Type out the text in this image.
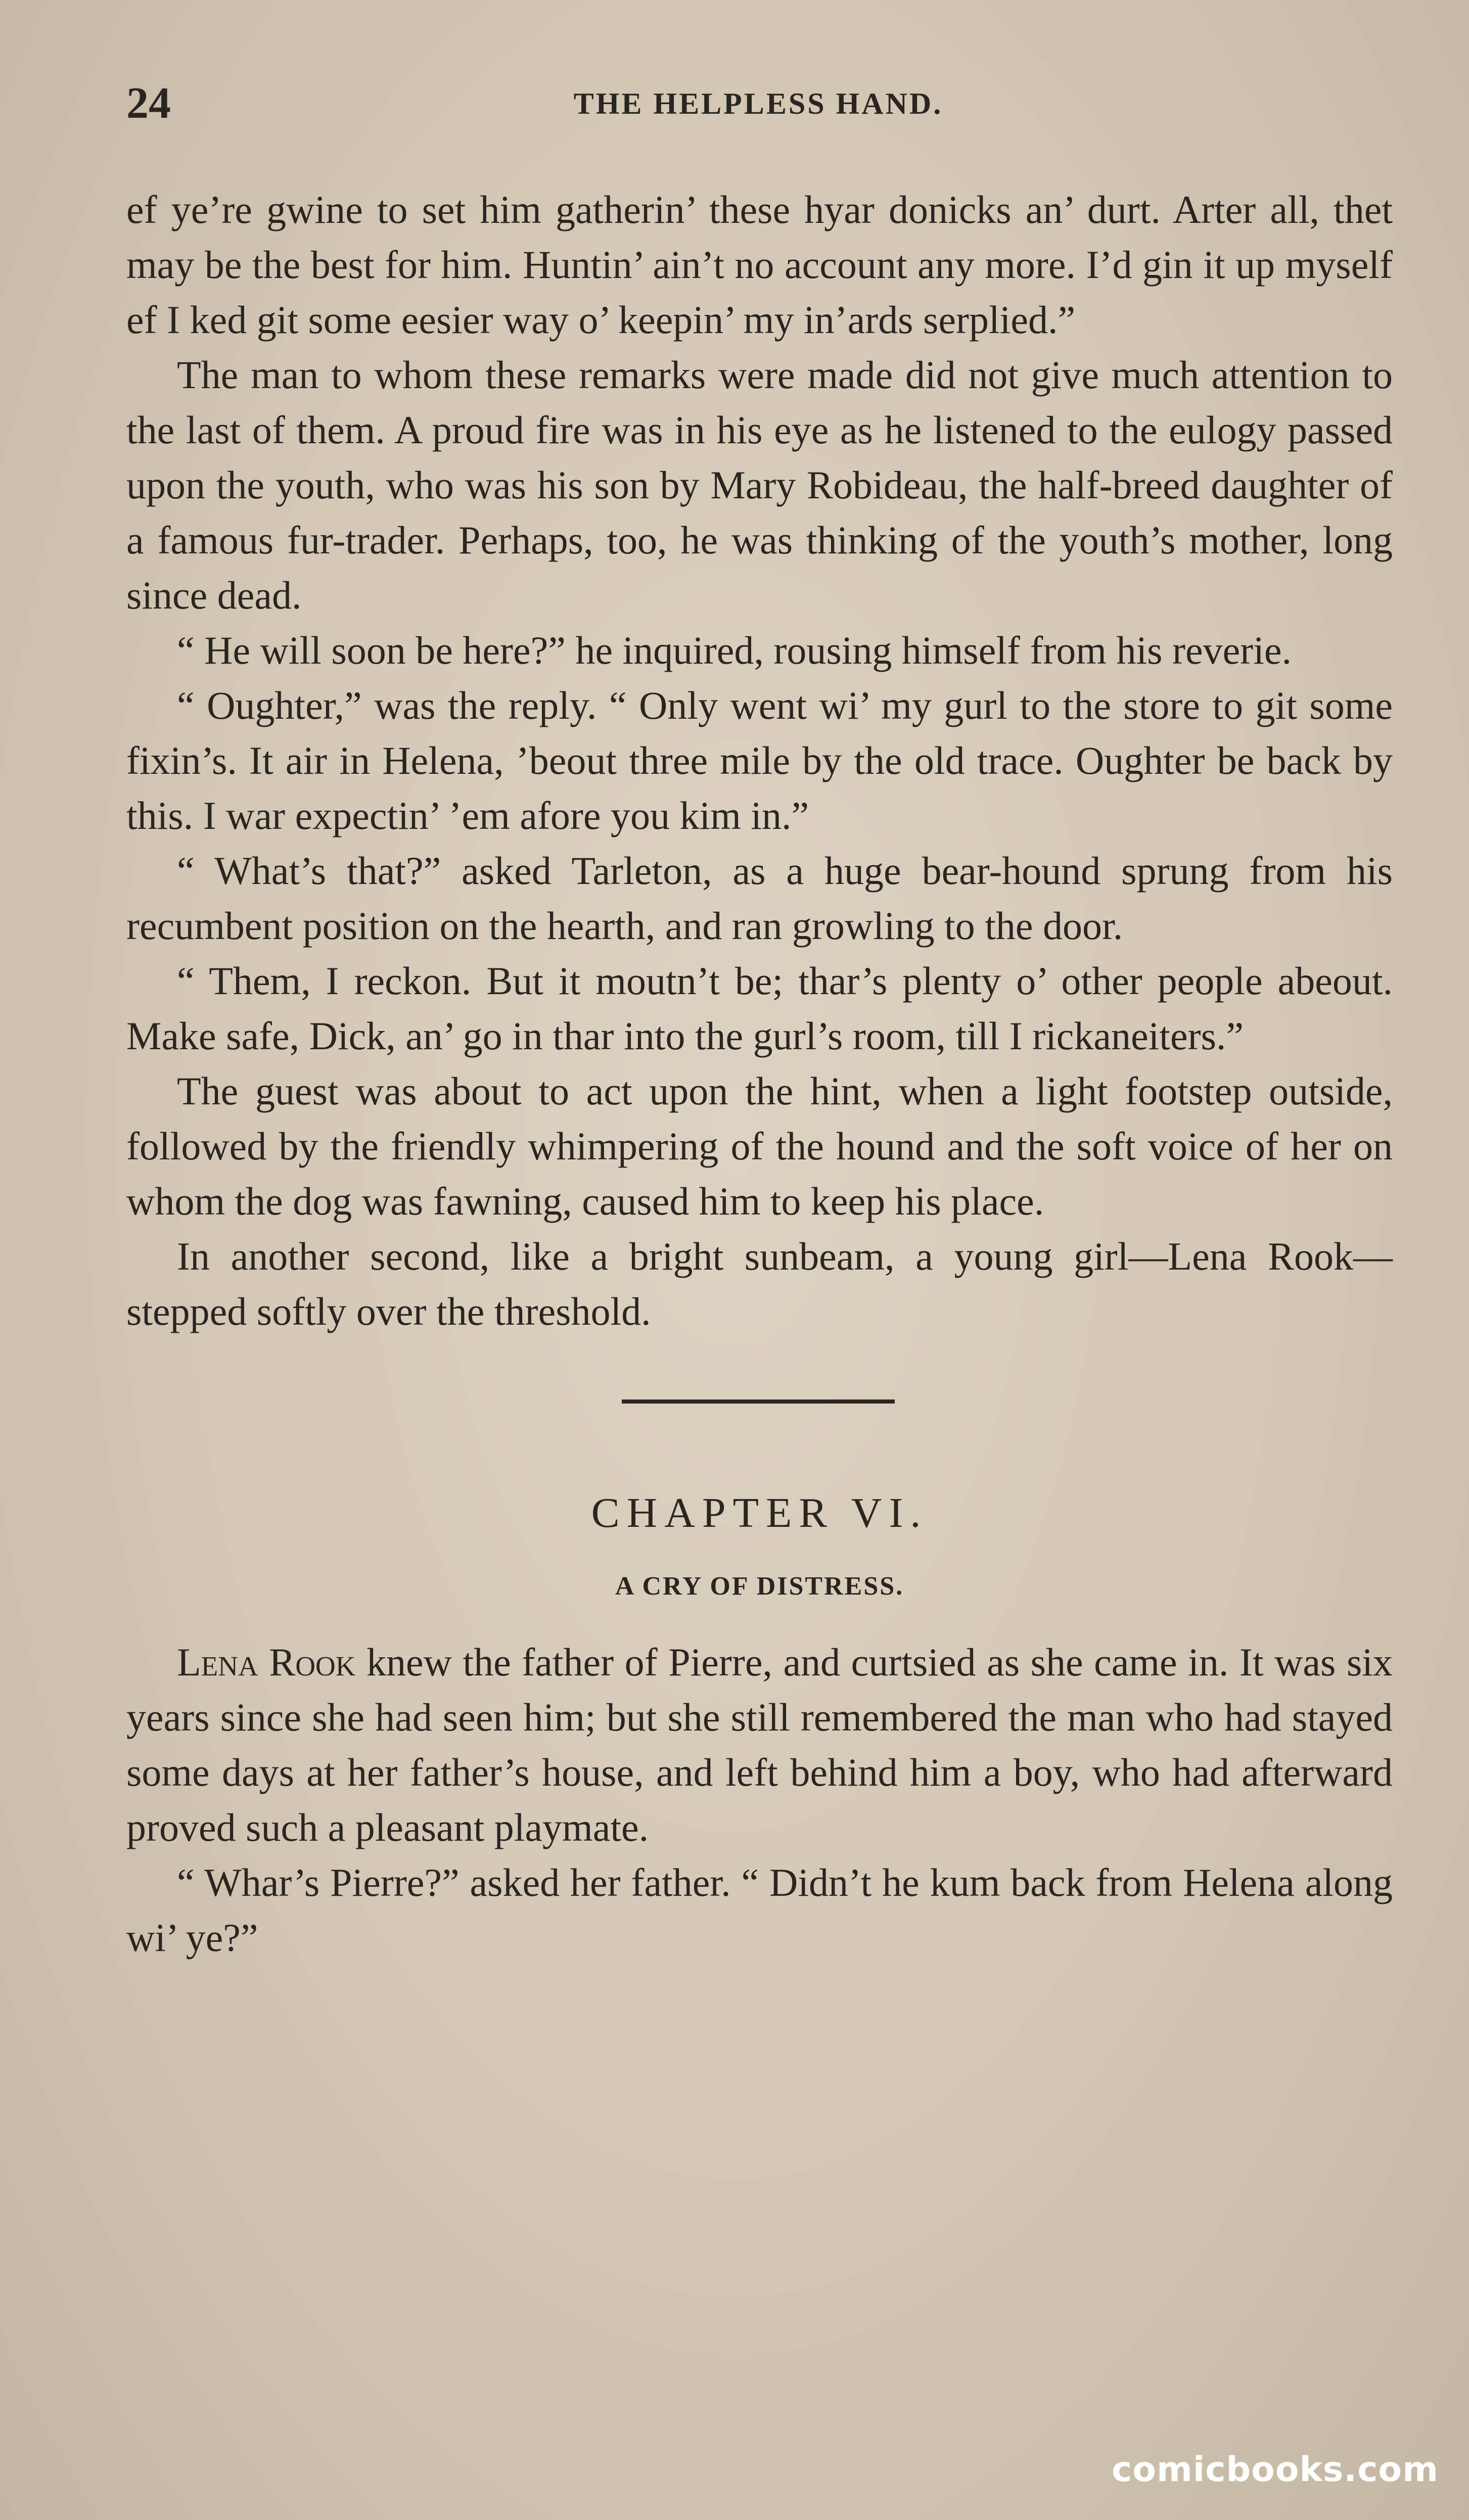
24	THE HELPLESS HAND.

ef ye’re gwine to set him gatherin’ these hyar donicks an’ durt. Arter all, thet may be the best for him. Huntin’ ain’t no account any more. I’d gin it up myself ef I ked git some eesier way o’ keepin’ my in’ards serplied.”

The man to whom these remarks were made did not give much attention to the last of them. A proud fire was in his eye as he listened to the eulogy passed upon the youth, who was his son by Mary Robideau, the half-breed daughter of a famous fur-trader. Perhaps, too, he was thinking of the youth’s mother, long since dead.

“ He will soon be here?” he inquired, rousing himself from his reverie.

“ Oughter,” was the reply. “ Only went wi’ my gurl to the store to git some fixin’s. It air in Helena, ’beout three mile by the old trace. Oughter be back by this. I war expectin’ ’em afore you kim in.”

“ What’s that?” asked Tarleton, as a huge bear-hound sprung from his recumbent position on the hearth, and ran growling to the door.

“ Them, I reckon. But it moutn’t be; thar’s plenty o’ other people abeout. Make safe, Dick, an’ go in thar into the gurl’s room, till I rickaneiters.”

The guest was about to act upon the hint, when a light footstep outside, followed by the friendly whimpering of the hound and the soft voice of her on whom the dog was fawning, caused him to keep his place.

In another second, like a bright sunbeam, a young girl—Lena Rook—stepped softly over the threshold.

CHAPTER VI.
A CRY OF DISTRESS.

Lena Rook knew the father of Pierre, and curtsied as she came in. It was six years since she had seen him; but she still remembered the man who had stayed some days at her father’s house, and left behind him a boy, who had afterward proved such a pleasant playmate.

“ Whar’s Pierre?” asked her father. “ Didn’t he kum back from Helena along wi’ ye?”

comicbooks.com
